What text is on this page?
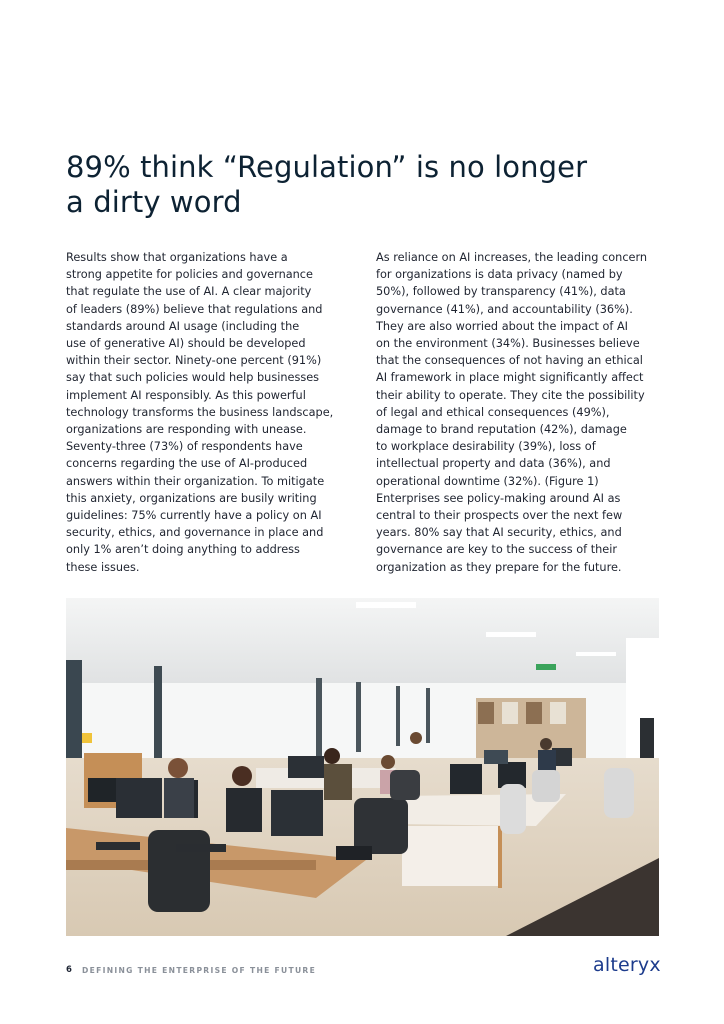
89% think “Regulation” is no longer
a dirty word
Results show that organizations have a
strong appetite for policies and governance
that regulate the use of AI. A clear majority
of leaders (89%) believe that regulations and
standards around AI usage (including the
use of generative AI) should be developed
within their sector. Ninety-one percent (91%)
say that such policies would help businesses
implement AI responsibly. As this powerful
technology transforms the business landscape,
organizations are responding with unease.
Seventy-three (73%) of respondents have
concerns regarding the use of AI-produced
answers within their organization. To mitigate
this anxiety, organizations are busily writing
guidelines: 75% currently have a policy on AI
security, ethics, and governance in place and
only 1% aren’t doing anything to address
these issues.
As reliance on AI increases, the leading concern
for organizations is data privacy (named by
50%), followed by transparency (41%), data
governance (41%), and accountability (36%).
They are also worried about the impact of AI
on the environment (34%). Businesses believe
that the consequences of not having an ethical
AI framework in place might significantly affect
their ability to operate. They cite the possibility
of legal and ethical consequences (49%),
damage to brand reputation (42%), damage
to workplace desirability (39%), loss of
intellectual property and data (36%), and
operational downtime (32%). (Figure 1)
Enterprises see policy-making around AI as
central to their prospects over the next few
years. 80% say that AI security, ethics, and
governance are key to the success of their
organization as they prepare for the future.
6 DEFINING THE ENTERPRISE OF THE FUTURE	alteryx
